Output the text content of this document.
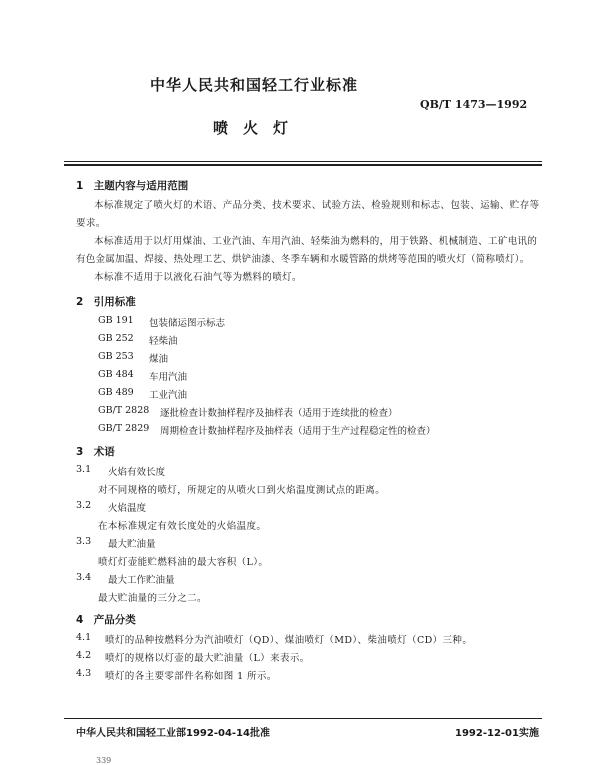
中华人民共和国轻工行业标准
QB/T 1473—1992
喷　火　灯
1　主题内容与适用范围
本标准规定了喷火灯的术语、产品分类、技术要求、试验方法、检验规则和标志、包装、运输、贮存等
要求。
本标准适用于以灯用煤油、工业汽油、车用汽油、轻柴油为燃料的，用于铁路、机械制造、工矿电讯的
有色金属加温、焊接、热处理工艺、烘铲油漆、冬季车辆和水暖管路的烘烤等范围的喷火灯（简称喷灯）。
本标准不适用于以液化石油气等为燃料的喷灯。
2　引用标准
GB 191 包装储运图示标志
GB 252 轻柴油
GB 253 煤油
GB 484 车用汽油
GB 489 工业汽油
GB/T 2828 逐批检查计数抽样程序及抽样表（适用于连续批的检查）
GB/T 2829 周期检查计数抽样程序及抽样表（适用于生产过程稳定性的检查）
3　术语
3.1 火焰有效长度
对不同规格的喷灯，所规定的从喷火口到火焰温度测试点的距离。
3.2 火焰温度
在本标准规定有效长度处的火焰温度。
3.3 最大贮油量
喷灯灯壶能贮燃料油的最大容积（L）。
3.4 最大工作贮油量
最大贮油量的三分之二。
4　产品分类
4.1 喷灯的品种按燃料分为汽油喷灯（QD）、煤油喷灯（MD）、柴油喷灯（CD）三种。
4.2 喷灯的规格以灯壶的最大贮油量（L）来表示。
4.3 喷灯的各主要零部件名称如图 1 所示。
中华人民共和国轻工业部1992-04-14批准	1992-12-01实施
339
